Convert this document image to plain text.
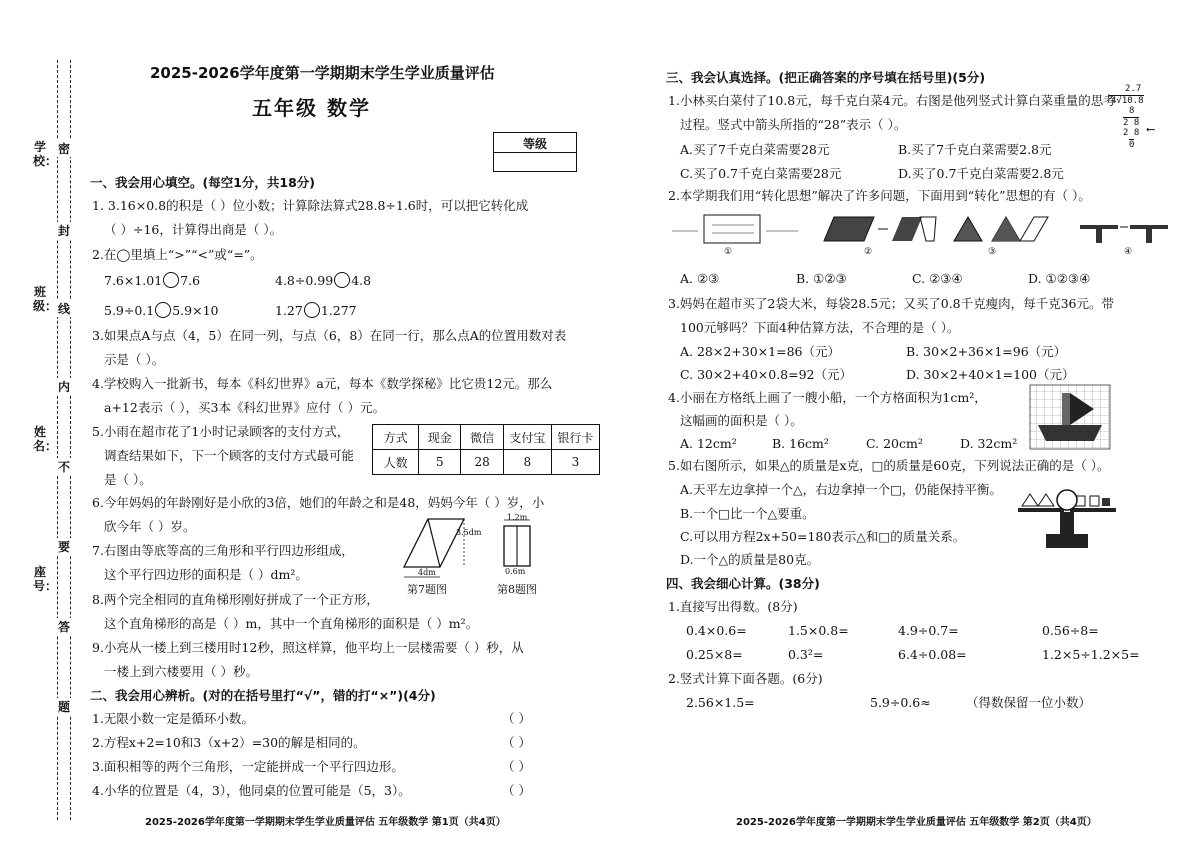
学校：
班级：
姓名：
座号：
密
封
线
内
不
要
答
题
2025-2026学年度第一学期期末学生学业质量评估
五年级 数学
等级
一、我会用心填空。(每空1分，共18分)
1. 3.16×0.8的积是（ ）位小数；计算除法算式28.8÷1.6时，可以把它转化成
（ ）÷16，计算得出商是（ ）。
2.在◯里填上“>”“<”或“=”。
7.6×1.01 7.6	4.8÷0.99 4.8
5.9÷0.1 5.9×10	1.27 1.277
3.如果点A与点（4，5）在同一列，与点（6，8）在同一行，那么点A的位置用数对表
示是（ ）。
4.学校购入一批新书，每本《科幻世界》a元，每本《数学探秘》比它贵12元。那么
a+12表示（ ），买3本《科幻世界》应付（ ）元。
5.小雨在超市花了1小时记录顾客的支付方式，
调查结果如下，下一个顾客的支付方式最可能
是（ ）。
方式	现金	微信	支付宝	银行卡
人数	5	28	8	3
6.今年妈妈的年龄刚好是小欣的3倍，她们的年龄之和是48，妈妈今年（ ）岁，小
欣今年（ ）岁。
7.右图由等底等高的三角形和平行四边形组成，
这个平行四边形的面积是（ ）dm²。	4dm
3.5dm
第7题图
1.2m
0.6m
第8题图
8.两个完全相同的直角梯形刚好拼成了一个正方形，
这个直角梯形的高是（ ）m，其中一个直角梯形的面积是（ ）m²。
9.小亮从一楼上到三楼用时12秒，照这样算，他平均上一层楼需要（ ）秒，从
一楼上到六楼要用（ ）秒。
二、我会用心辨析。(对的在括号里打“√”，错的打“×”)(4分)
1.无限小数一定是循环小数。	（ ）
2.方程x+2=10和3（x+2）=30的解是相同的。	（ ）
3.面积相等的两个三角形，一定能拼成一个平行四边形。	（ ）
4.小华的位置是（4，3），他同桌的位置可能是（5，3）。	（ ）
2025-2026学年度第一学期期末学生学业质量评估 五年级数学 第1页（共4页）
三、我会认真选择。(把正确答案的序号填在括号里)(5分)
1.小林买白菜付了10.8元，每千克白菜4元。右图是他列竖式计算白菜重量的思考
过程。竖式中箭头所指的“28”表示（ ）。
A.买了7千克白菜需要28元	B.买了7千克白菜需要2.8元
C.买了0.7千克白菜需要28元	D.买了0.7千克白菜需要2.8元
2.7
4√10.8
8
2 8
2 8
0
⟵
2.本学期我们用“转化思想”解决了许多问题，下面用到“转化”思想的有（ ）。
①	②	③	④
A. ②③	B. ①②③	C. ②③④	D. ①②③④
3.妈妈在超市买了2袋大米，每袋28.5元；又买了0.8千克瘦肉，每千克36元。带
100元够吗？下面4种估算方法，不合理的是（ ）。
A. 28×2+30×1=86（元）	B. 30×2+36×1=96（元）
C. 30×2+40×0.8=92（元）	D. 30×2+40×1=100（元）
4.小丽在方格纸上画了一艘小船，一个方格面积为1cm²，
这幅画的面积是（ ）。
A. 12cm²	B. 16cm²	C. 20cm²	D. 32cm²
5.如右图所示，如果△的质量是x克，□的质量是60克，下列说法正确的是（ ）。
A.天平左边拿掉一个△，右边拿掉一个□，仍能保持平衡。
B.一个□比一个△要重。
C.可以用方程2x+50=180表示△和□的质量关系。
D.一个△的质量是80克。
四、我会细心计算。(38分)
1.直接写出得数。(8分)
0.4×0.6=	1.5×0.8=	4.9÷0.7=	0.56÷8=
0.25×8=	0.3²=	6.4÷0.08=	1.2×5÷1.2×5=
2.竖式计算下面各题。(6分)
2.56×1.5=	5.9÷0.6≈	（得数保留一位小数）
2025-2026学年度第一学期期末学生学业质量评估 五年级数学 第2页（共4页）
